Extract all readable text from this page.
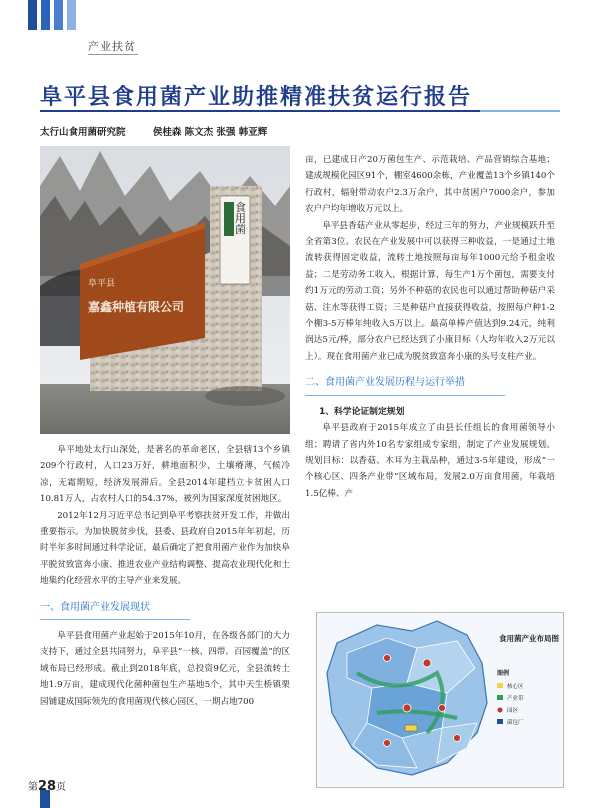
产业扶贫
阜平县食用菌产业助推精准扶贫运行报告
太行山食用菌研究院	侯桂森 陈文杰 张强 韩亚辉
阜平县
嘉鑫种植有限公司
食用菌

阜平地处太行山深处，是著名的革命老区，全县辖13个乡镇209个行政村，人口23万好，耕地面积少，土壤瘠薄，气候冷凉，无霜期短，经济发展滞后。全县2014年建档立卡贫困人口10.81万人，占农村人口的54.37%，被列为国家深度贫困地区。

2012年12月习近平总书记到阜平考察扶贫开发工作，并做出重要指示。为加快脱贫步伐，县委、县政府自2015年年初起，历时半年多时间通过科学论证，最后确定了把食用菌产业作为加快阜平脱贫致富奔小康、推进农业产业结构调整、提高农业现代化和土地集约化经营水平的主导产业来发展。

一、食用菌产业发展现状

阜平县食用菌产业起始于2015年10月，在各级各部门的大力支持下，通过全县共同努力，阜平县“一核、四带、百园覆盖”的区域布局已经形成。截止到2018年底，总投资9亿元，全县流转土地1.9万亩，建成现代化菌种菌包生产基地5个，其中天生桥镇栗园铺建成国际领先的食用菌现代核心园区，一期占地700

亩，已建成日产20万菌包生产、示范栽培、产品营销综合基地；建成规模化园区91个，棚室4600余栋，产业覆盖13个乡镇140个行政村，辐射带动农户2.3万余户，其中贫困户7000余户，参加农户户均年增收万元以上。

阜平县香菇产业从零起步，经过三年的努力，产业规模跃升至全省第3位。农民在产业发展中可以获得三种收益，一是通过土地流转获得固定收益，流转土地按照每亩每年1000元给予租金收益；二是劳动务工收入，根据计算，每生产1万个菌包，需要支付约1万元的劳动工资；另外不种菇的农民也可以通过帮助种菇户采菇、注水等获得工资；三是种菇户直接获得收益，按照每户种1-2个棚3-5万棒年纯收入5万以上。最高单棒产值达到9.24元，纯利润达5元/棒，部分农户已经达到了小康目标（人均年收入2万元以上）。现在食用菌产业已成为脱贫致富奔小康的头号支柱产业。

二、食用菌产业发展历程与运行举措

1、科学论证制定规划

阜平县政府于2015年成立了由县长任组长的食用菌领导小组；聘请了省内外10名专家组成专家组，制定了产业发展规划。规划目标：以香菇、木耳为主栽品种，通过3-5年建设，形成“一个核心区、四条产业带”区域布局，发展2.0万亩食用菌，年栽培1.5亿棒、产

食用菌产业布局图
图例
核心区
产业带
园区
菌包厂
第28页
